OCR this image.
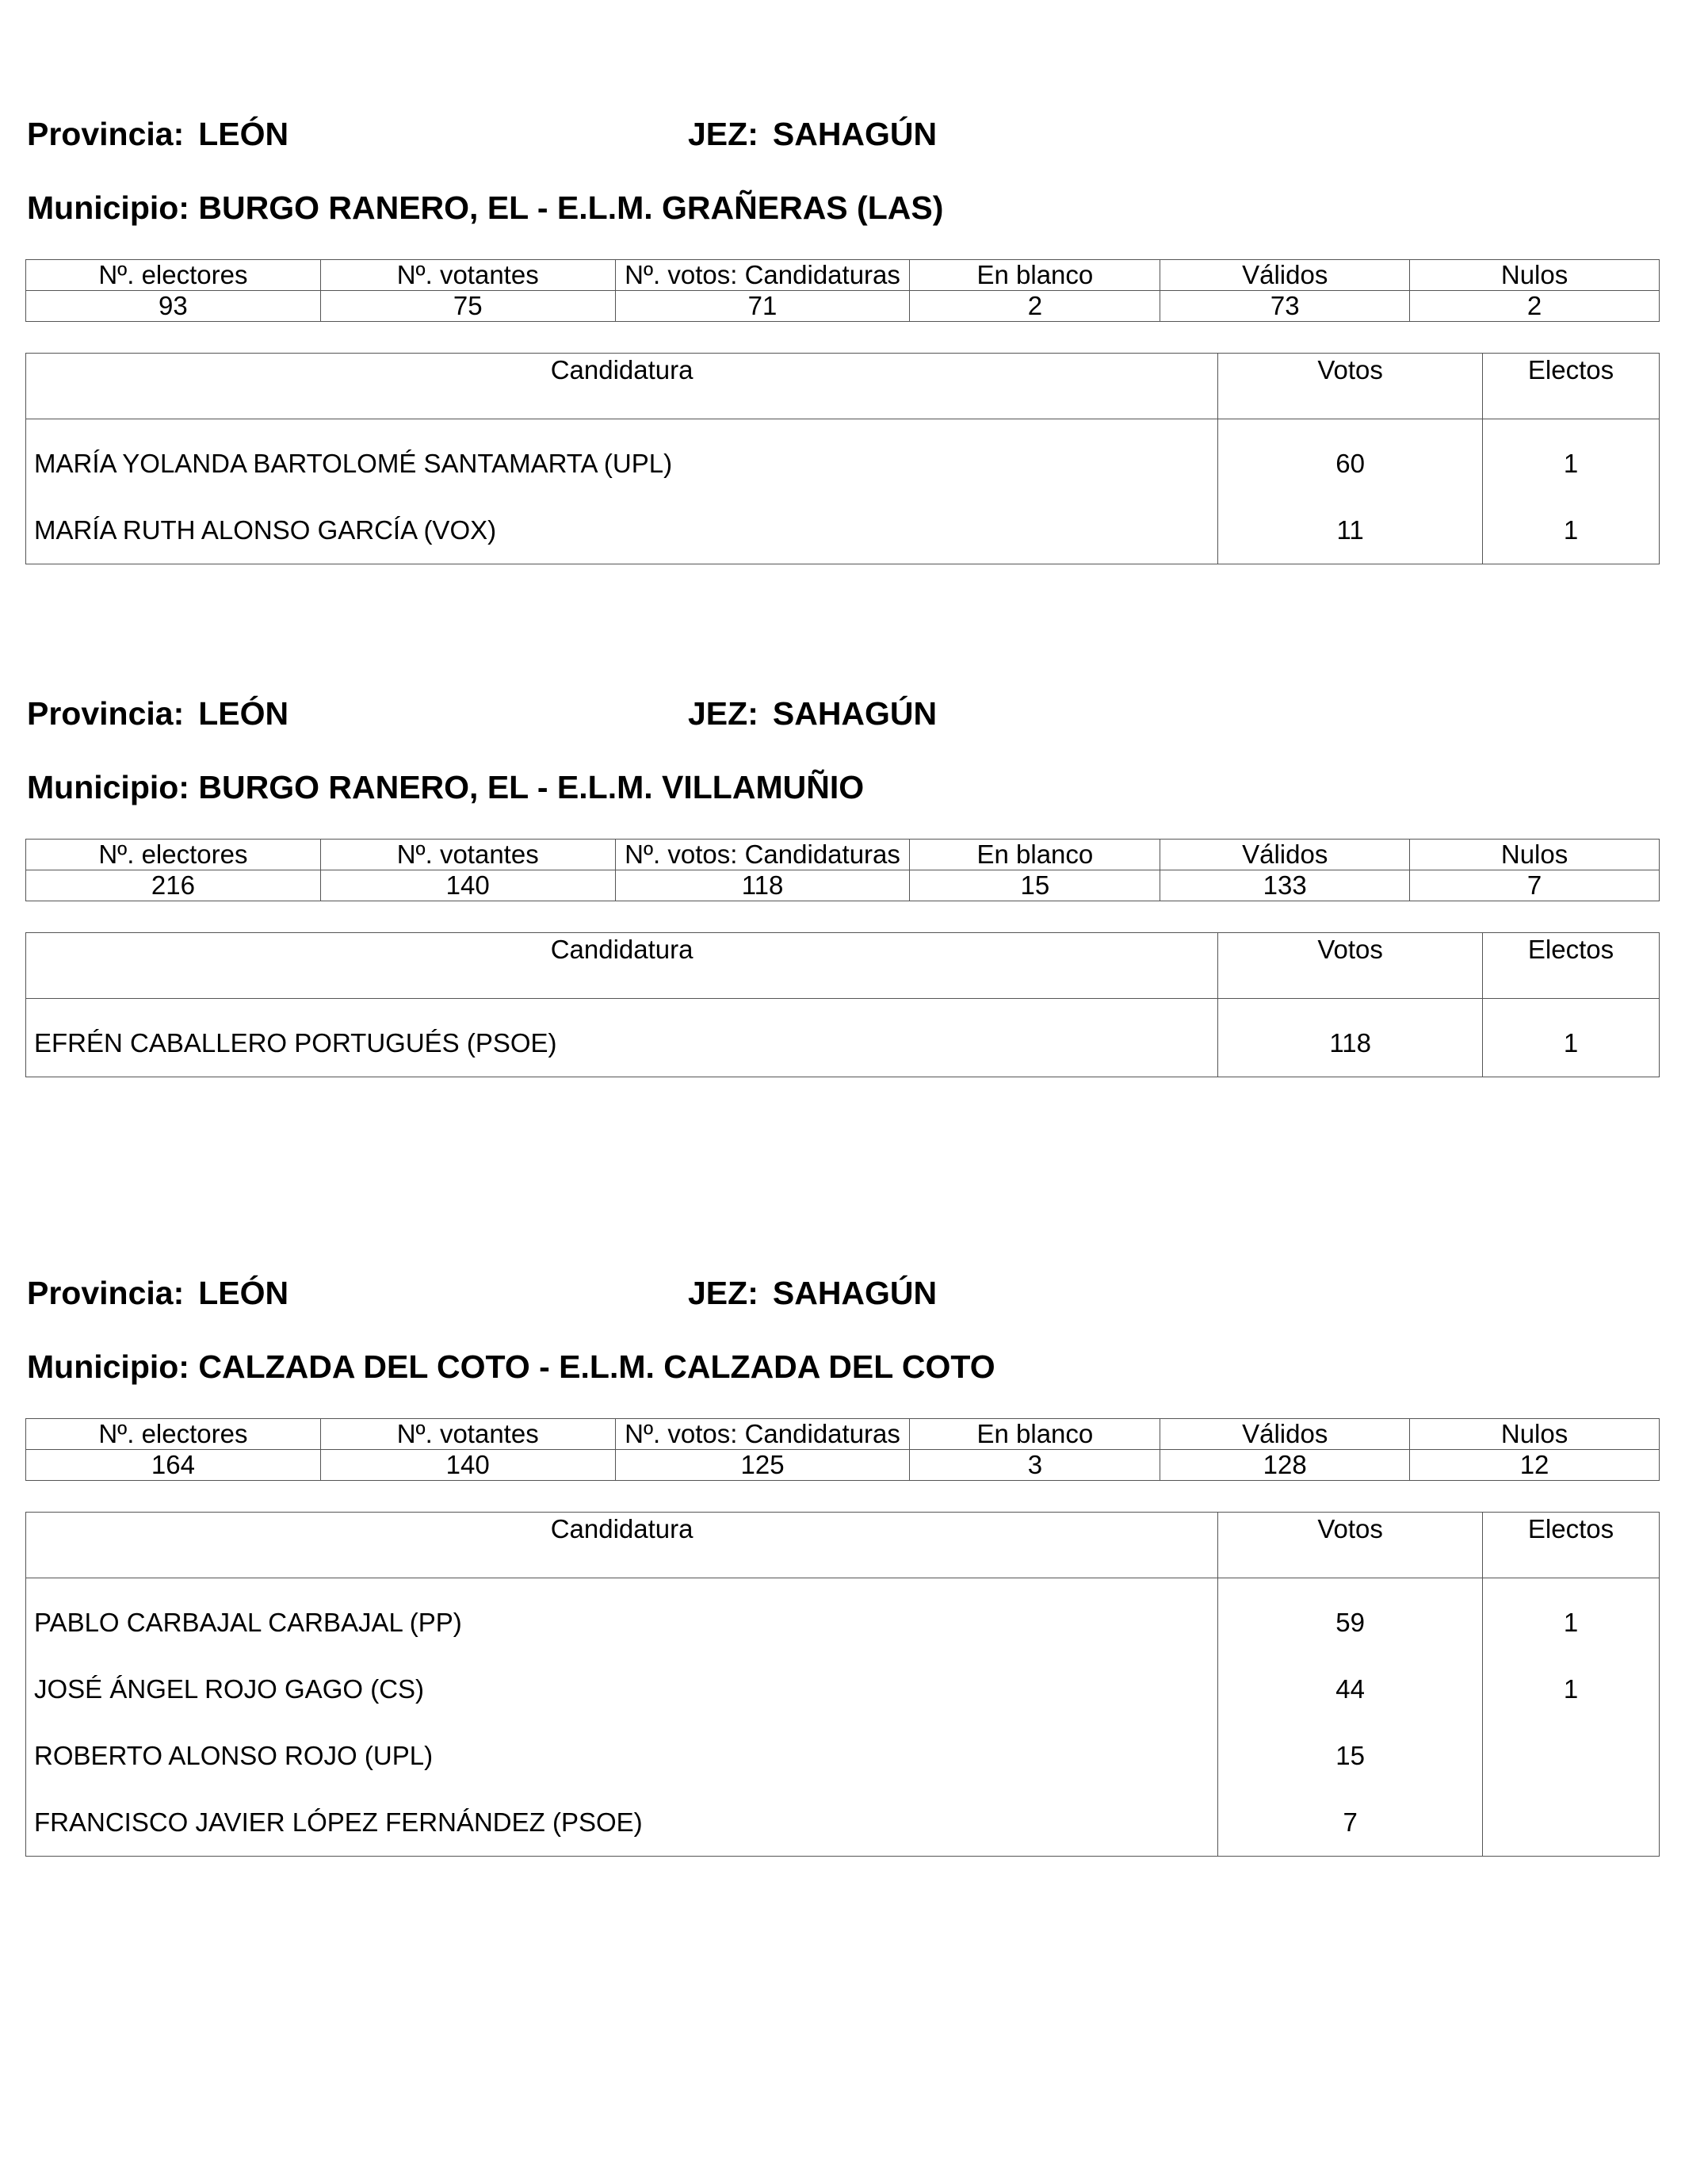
Provincia: LEÓN	JEZ: SAHAGÚN
Municipio: BURGO RANERO, EL - E.L.M. GRAÑERAS (LAS)
Nº. electores	Nº. votantes	Nº. votos: Candidaturas	En blanco	Válidos	Nulos
93	75	71	2	73	2
Candidatura	Votos	Electos
MARÍA YOLANDA BARTOLOMÉ SANTAMARTA (UPL)	60	1
MARÍA RUTH ALONSO GARCÍA (VOX)	11	1
Provincia: LEÓN	JEZ: SAHAGÚN
Municipio: BURGO RANERO, EL - E.L.M. VILLAMUÑIO
Nº. electores	Nº. votantes	Nº. votos: Candidaturas	En blanco	Válidos	Nulos
216	140	118	15	133	7
Candidatura	Votos	Electos
EFRÉN CABALLERO PORTUGUÉS (PSOE)	118	1
Provincia: LEÓN	JEZ: SAHAGÚN
Municipio: CALZADA DEL COTO - E.L.M. CALZADA DEL COTO
Nº. electores	Nº. votantes	Nº. votos: Candidaturas	En blanco	Válidos	Nulos
164	140	125	3	128	12
Candidatura	Votos	Electos
PABLO CARBAJAL CARBAJAL (PP)	59	1
JOSÉ ÁNGEL ROJO GAGO (CS)	44	1
ROBERTO ALONSO ROJO (UPL)	15	
FRANCISCO JAVIER LÓPEZ FERNÁNDEZ (PSOE)	7	
